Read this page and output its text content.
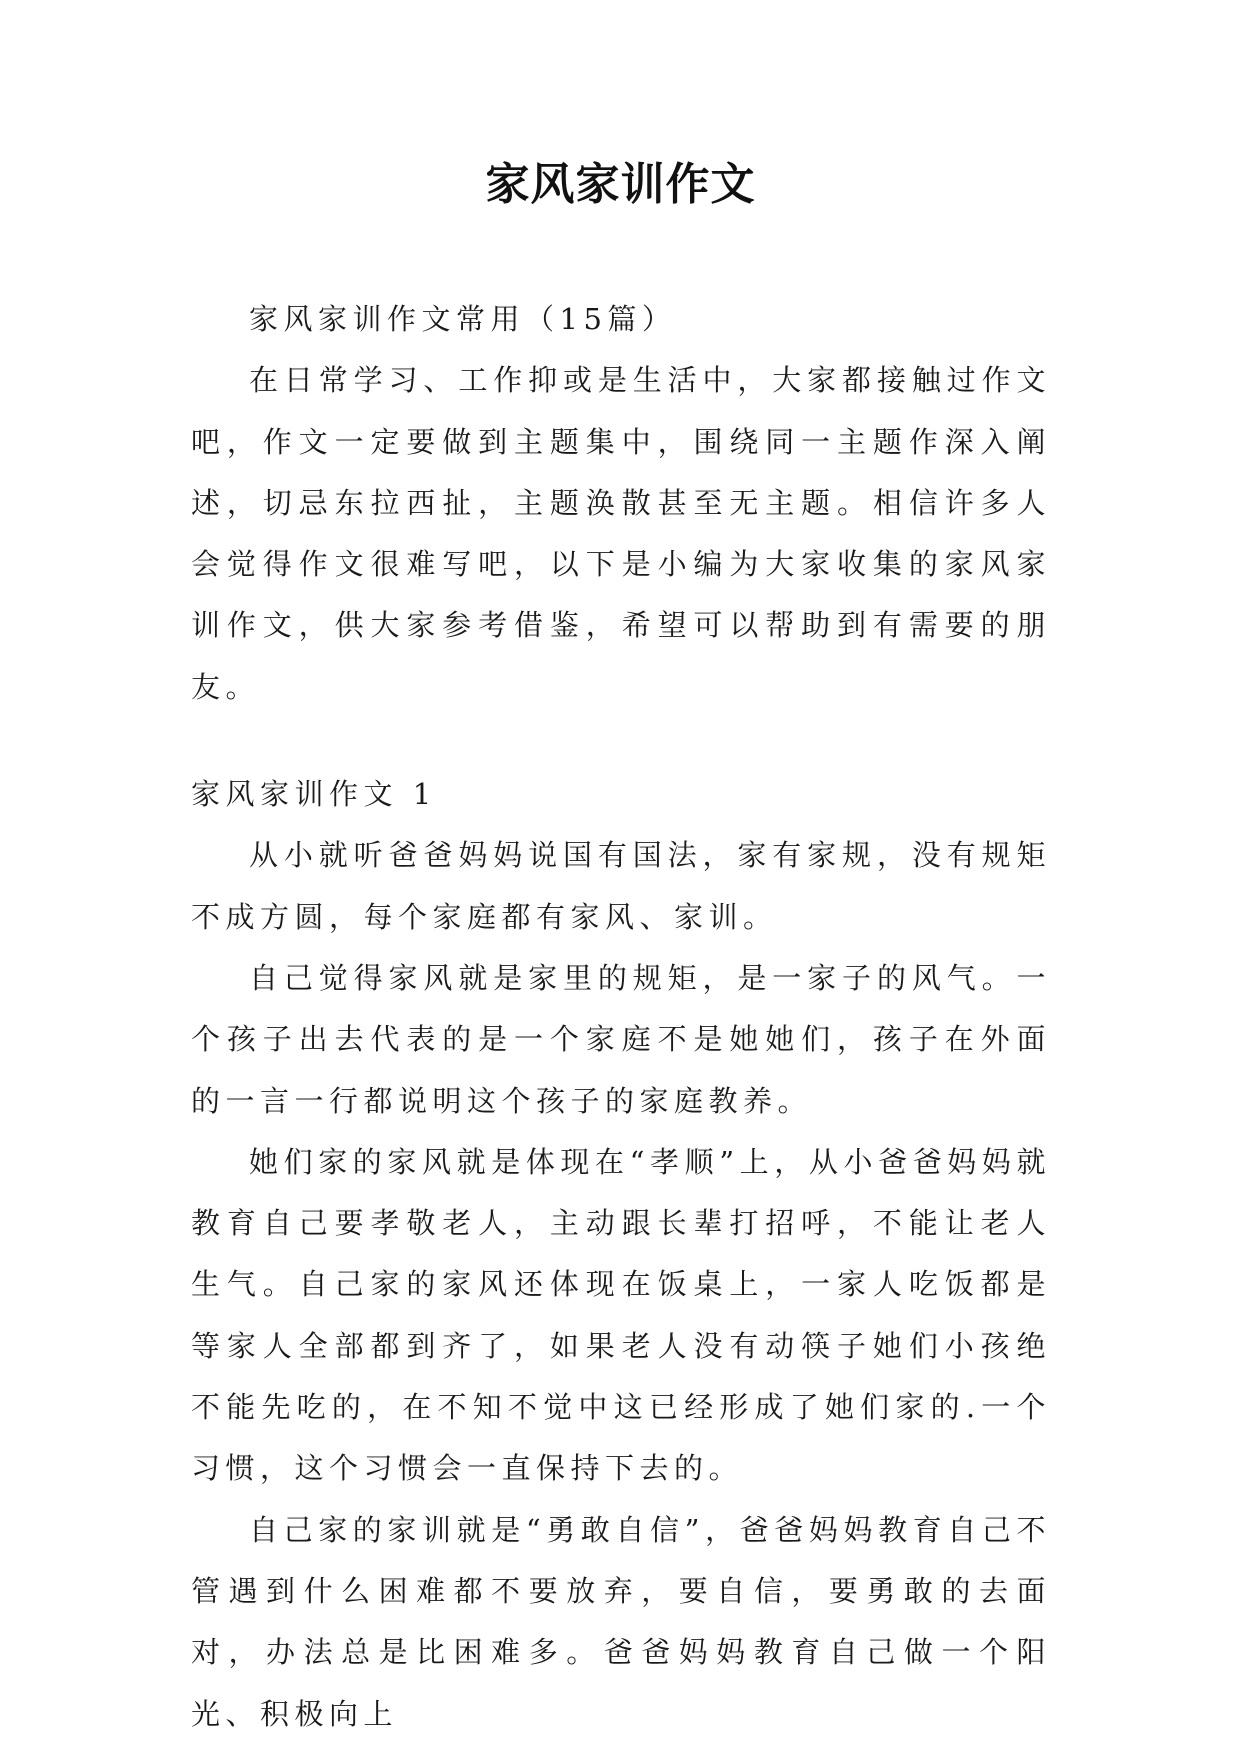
家风家训作文

家风家训作文常用（15篇）

在日常学习、工作抑或是生活中，大家都接触过作文吧，作文一定要做到主题集中，围绕同一主题作深入阐述，切忌东拉西扯，主题涣散甚至无主题。相信许多人会觉得作文很难写吧，以下是小编为大家收集的家风家训作文，供大家参考借鉴，希望可以帮助到有需要的朋友。

家风家训作文 1

从小就听爸爸妈妈说国有国法，家有家规，没有规矩不成方圆，每个家庭都有家风、家训。

自己觉得家风就是家里的规矩，是一家子的风气。一个孩子出去代表的是一个家庭不是她她们，孩子在外面的一言一行都说明这个孩子的家庭教养。

她们家的家风就是体现在“孝顺”上，从小爸爸妈妈就教育自己要孝敬老人，主动跟长辈打招呼，不能让老人生气。自己家的家风还体现在饭桌上，一家人吃饭都是等家人全部都到齐了，如果老人没有动筷子她们小孩绝不能先吃的，在不知不觉中这已经形成了她们家的.一个习惯，这个习惯会一直保持下去的。

自己家的家训就是“勇敢自信”，爸爸妈妈教育自己不管遇到什么困难都不要放弃，要自信，要勇敢的去面对，办法总是比困难多。爸爸妈妈教育自己做一个阳光、积极向上
